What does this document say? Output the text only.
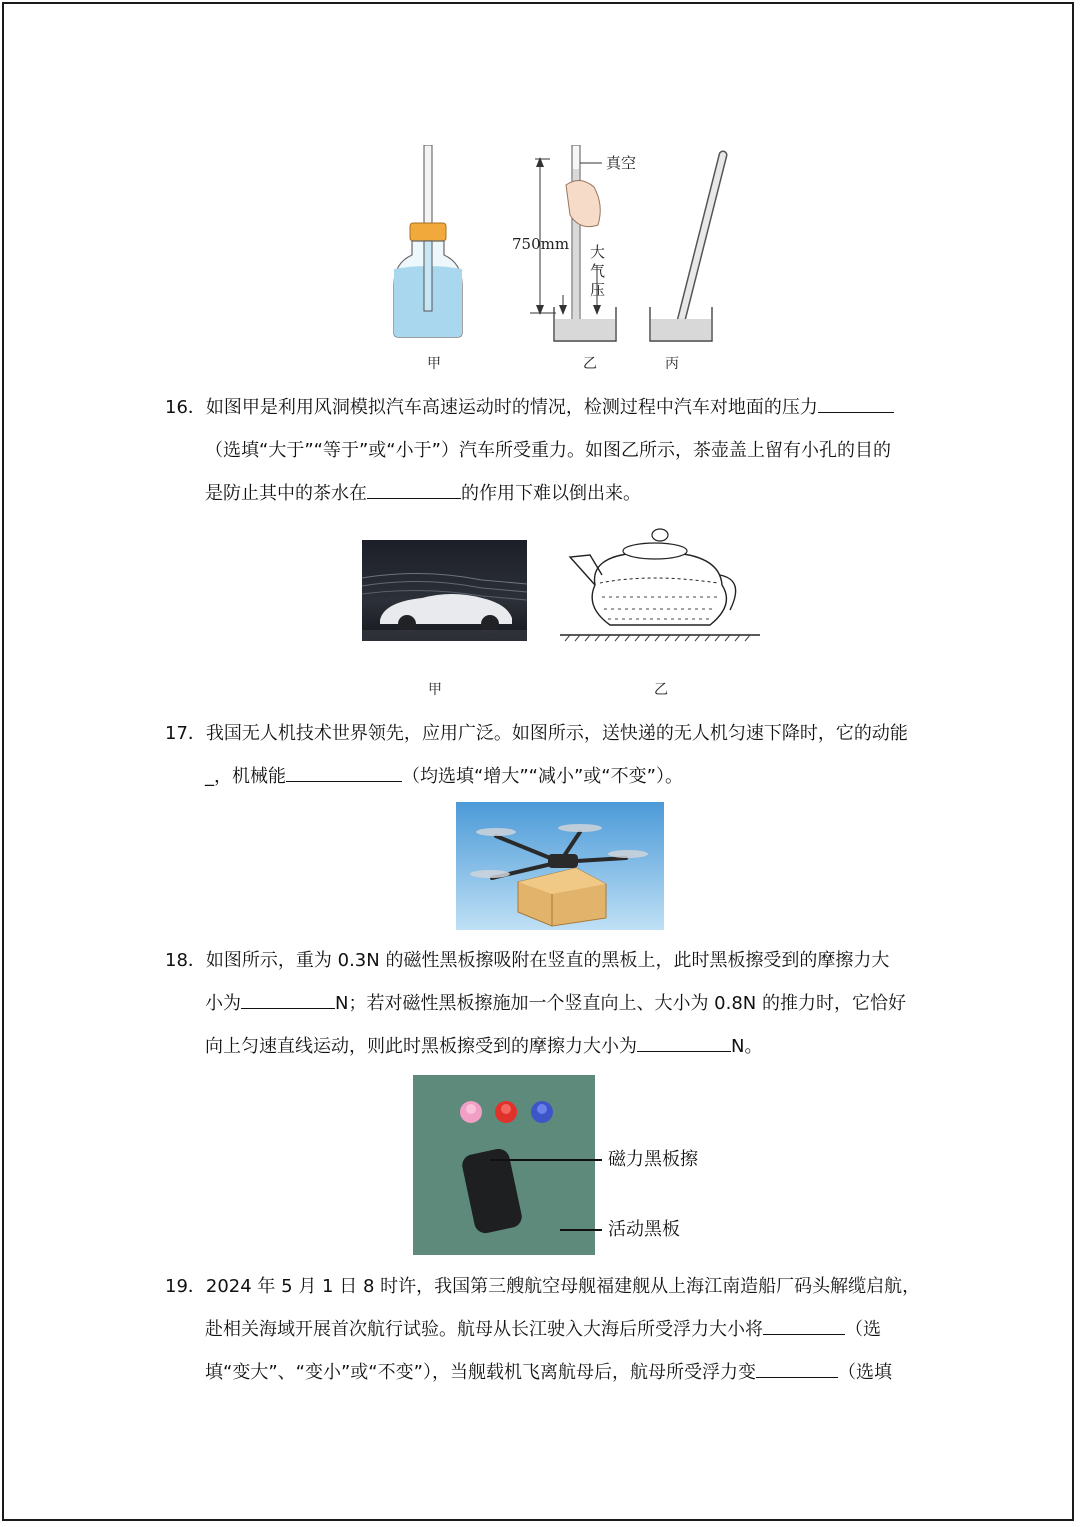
真空
750mm 大
气
压
甲	乙	丙
16．如图甲是利用风洞模拟汽车高速运动时的情况，检测过程中汽车对地面的压力
（选填“大于”“等于”或“小于”）汽车所受重力。如图乙所示，茶壶盖上留有小孔的目的
是防止其中的茶水在	的作用下难以倒出来。
甲	乙
17．我国无人机技术世界领先，应用广泛。如图所示，送快递的无人机匀速下降时，它的动能
_，机械能	（均选填“增大”“减小”或“不变”）。
18．如图所示，重为 0.3N 的磁性黑板擦吸附在竖直的黑板上，此时黑板擦受到的摩擦力大
小为	N；若对磁性黑板擦施加一个竖直向上、大小为 0.8N 的推力时，它恰好
向上匀速直线运动，则此时黑板擦受到的摩擦力大小为	N。
磁力黑板擦
活动黑板
19．2024 年 5 月 1 日 8 时许，我国第三艘航空母舰福建舰从上海江南造船厂码头解缆启航，
赴相关海域开展首次航行试验。航母从长江驶入大海后所受浮力大小将	（选
填“变大”、“变小”或“不变”），当舰载机飞离航母后，航母所受浮力变	（选填
